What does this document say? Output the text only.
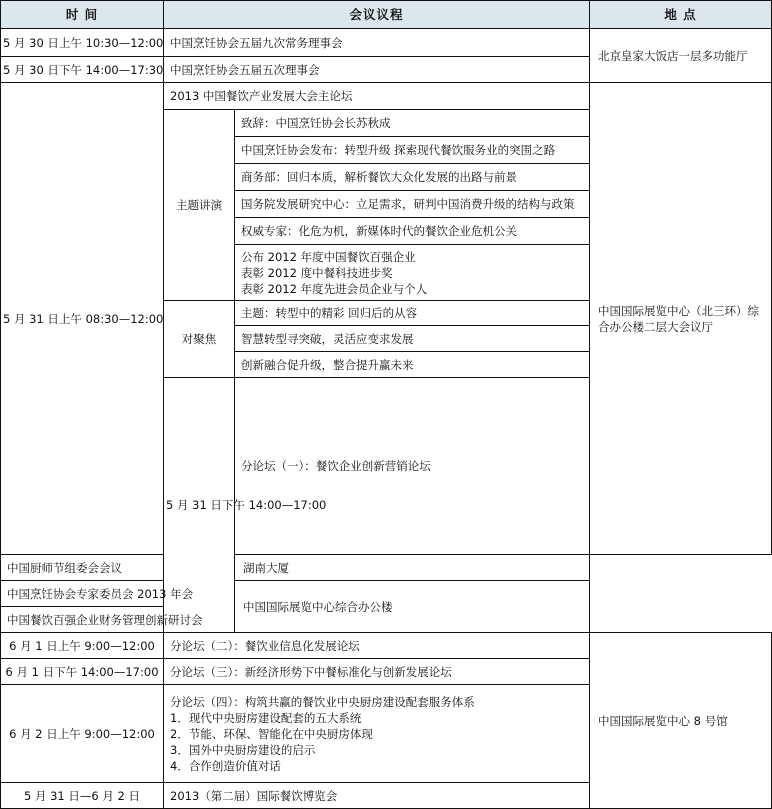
时 间	会议议程		地 点	
5 月 30 日上午 10:30—12:00	中国烹饪协会五届九次常务理事会		北京皇家大饭店一层多功能厅	
5 月 30 日下午 14:00—17:30	中国烹饪协会五届五次理事会			
5 月 31 日上午 08:30—12:00	2013 中国餐饮产业发展大会主论坛		中国国际展览中心（北三环）综合办公楼二层大会议厅	
	主题讲演	致辞：中国烹饪协会长苏秋成		
		中国烹饪协会发布：转型升级 探索现代餐饮服务业的突围之路		
		商务部：回归本质，解析餐饮大众化发展的出路与前景		
		国务院发展研究中心：立足需求，研判中国消费升级的结构与政策		
		权威专家：化危为机，新媒体时代的餐饮企业危机公关		

		公布 2012 年度中国餐饮百强企业
表彰 2012 度中餐科技进步奖
表彰 2012 年度先进会员企业与个人		

	对聚焦	主题：转型中的精彩 回归后的从容		
		智慧转型寻突破，灵活应变求发展		
		创新融合促升级，整合提升赢未来		
	5 月 31 日下午 14:00—17:00	分论坛（一）：餐饮企业创新营销论坛	
中国厨师节组委会会议		湖南大厦		
中国烹饪协会专家委员会 2013 年会		中国国际展览中心综合办公楼		
中国餐饮百强企业财务管理创新研讨会				
6 月 1 日上午 9:00—12:00	分论坛（二）：餐饮业信息化发展论坛		中国国际展览中心 8 号馆	
6 月 1 日下午 14:00—17:00	分论坛（三）：新经济形势下中餐标准化与创新发展论坛			
6 月 2 日上午 9:00—12:00	分论坛（四）：构筑共赢的餐饮业中央厨房建设配套服务体系
1．现代中央厨房建设配套的五大系统
2．节能、环保、智能化在中央厨房体现
3．国外中央厨房建设的启示
4．合作创造价值对话			

5 月 31 日—6 月 2 日	2013（第二届）国际餐饮博览会			
